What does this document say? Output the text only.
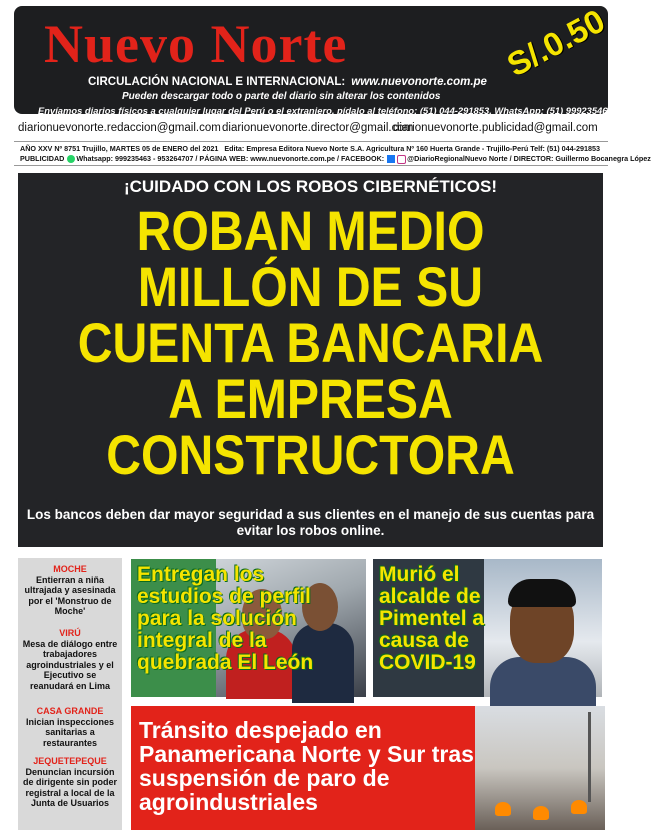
Nuevo Norte
CIRCULACIÓN NACIONAL E INTERNACIONAL: www.nuevonorte.com.pe
Pueden descargar todo o parte del diario sin alterar los contenidos
Envíamos diarios físicos a cualquier lugar del Perú o el extranjero, pídalo al teléfono: (51) 044-291853, WhatsApp: (51) 999235463
S/.0.50
diarionuevonorte.redaccion@gmail.com diarionuevonorte.director@gmail.com
diarionuevonorte.publicidad@gmail.com
AÑO XXV Nº 8751 Trujillo, MARTES 05 de ENERO del 2021 Edita: Empresa Editora Nuevo Norte S.A. Agricultura Nº 160 Huerta Grande - Trujillo-Perú Telf: (51) 044-291853
PUBLICIDAD Whatsapp: 999235463 - 953264707 / PÁGINA WEB: www.nuevonorte.com.pe / FACEBOOK:	@DiarioRegionalNuevo Norte / DIRECTOR: Guillermo Bocanegra López
¡CUIDADO CON LOS ROBOS CIBERNÉTICOS!
ROBAN MEDIO
MILLÓN DE SU
CUENTA BANCARIA
A EMPRESA
CONSTRUCTORA
Los bancos deben dar mayor seguridad a sus clientes en el manejo de sus cuentas para evitar los robos online.
MOCHE
Entierran a niña ultrajada y asesinada por el 'Monstruo de Moche'
VIRÚ
Mesa de diálogo entre trabajadores agroindustriales y el Ejecutivo se reanudará en Lima
CASA GRANDE
Inician inspecciones sanitarias a restaurantes
JEQUETEPEQUE
Denuncian incursión de dirigente sin poder registral a local de la Junta de Usuarios
Entregan los estudios de perfil para la solución integral de la quebrada El León
Murió el alcalde de Pimentel a causa de COVID-19
Tránsito despejado en Panamericana Norte y Sur tras suspensión de paro de agroindustriales
